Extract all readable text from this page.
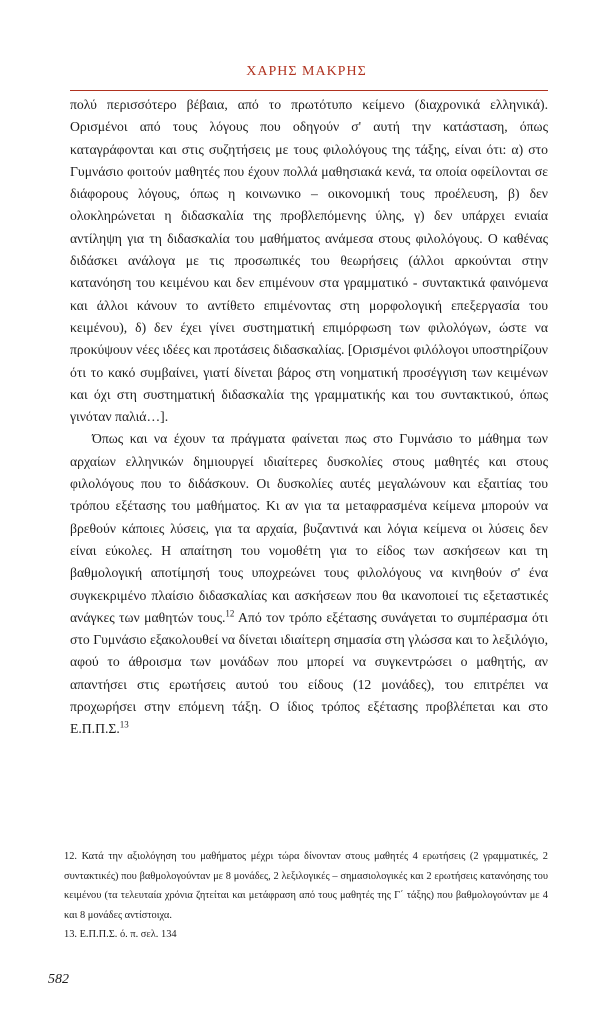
ΧΑΡΗΣ ΜΑΚΡΗΣ

πολύ περισσότερο βέβαια, από το πρωτότυπο κείμενο (διαχρονικά ελληνικά). Ορισμένοι από τους λόγους που οδηγούν σ' αυτή την κατάσταση, όπως καταγράφονται και στις συζητήσεις με τους φιλολόγους της τάξης, είναι ότι: α) στο Γυμνάσιο φοιτούν μαθητές που έχουν πολλά μαθησιακά κενά, τα οποία οφείλονται σε διάφορους λόγους, όπως η κοινωνικο – οικονομική τους προέλευση, β) δεν ολοκληρώνεται η διδασκαλία της προβλεπόμενης ύλης, γ) δεν υπάρχει ενιαία αντίληψη για τη διδασκαλία του μαθήματος ανάμεσα στους φιλολόγους. Ο καθένας διδάσκει ανάλογα με τις προσωπικές του θεωρήσεις (άλλοι αρκούνται στην κατανόηση του κειμένου και δεν επιμένουν στα γραμματικό - συντακτικά φαινόμενα και άλλοι κάνουν το αντίθετο επιμένοντας στη μορφολογική επεξεργασία του κειμένου), δ) δεν έχει γίνει συστηματική επιμόρφωση των φιλολόγων, ώστε να προκύψουν νέες ιδέες και προτάσεις διδασκαλίας. [Ορισμένοι φιλόλογοι υποστηρίζουν ότι το κακό συμβαίνει, γιατί δίνεται βάρος στη νοηματική προσέγγιση των κειμένων και όχι στη συστηματική διδασκαλία της γραμματικής και του συντακτικού, όπως γινόταν παλιά…].

Όπως και να έχουν τα πράγματα φαίνεται πως στο Γυμνάσιο το μάθημα των αρχαίων ελληνικών δημιουργεί ιδιαίτερες δυσκολίες στους μαθητές και στους φιλολόγους που το διδάσκουν. Οι δυσκολίες αυτές μεγαλώνουν και εξαιτίας του τρόπου εξέτασης του μαθήματος. Κι αν για τα μεταφρασμένα κείμενα μπορούν να βρεθούν κάποιες λύσεις, για τα αρχαία, βυζαντινά και λόγια κείμενα οι λύσεις δεν είναι εύκολες. Η απαίτηση του νομοθέτη για το είδος των ασκήσεων και τη βαθμολογική αποτίμησή τους υποχρεώνει τους φιλολόγους να κινηθούν σ' ένα συγκεκριμένο πλαίσιο διδασκαλίας και ασκήσεων που θα ικανοποιεί τις εξεταστικές ανάγκες των μαθητών τους.$^{12}$ Από τον τρόπο εξέτασης συνάγεται το συμπέρασμα ότι στο Γυμνάσιο εξακολουθεί να δίνεται ιδιαίτερη σημασία στη γλώσσα και το λεξιλόγιο, αφού το άθροισμα των μονάδων που μπορεί να συγκεντρώσει ο μαθητής, αν απαντήσει στις ερωτήσεις αυτού του είδους (12 μονάδες), του επιτρέπει να προχωρήσει στην επόμενη τάξη. Ο ίδιος τρόπος εξέτασης προβλέπεται και στο Ε.Π.Π.Σ.$^{13}$

12. Κατά την αξιολόγηση του μαθήματος μέχρι τώρα δίνονταν στους μαθητές 4 ερωτήσεις (2 γραμματικές, 2 συντακτικές) που βαθμολογούνταν με 8 μονάδες, 2 λεξιλογικές – σημασιολογικές και 2 ερωτήσεις κατανόησης του κειμένου (τα τελευταία χρόνια ζητείται και μετάφραση από τους μαθητές της Γ΄ τάξης) που βαθμολογούνταν με 4 και 8 μονάδες αντίστοιχα.

13. Ε.Π.Π.Σ. ό. π. σελ. 134

582
